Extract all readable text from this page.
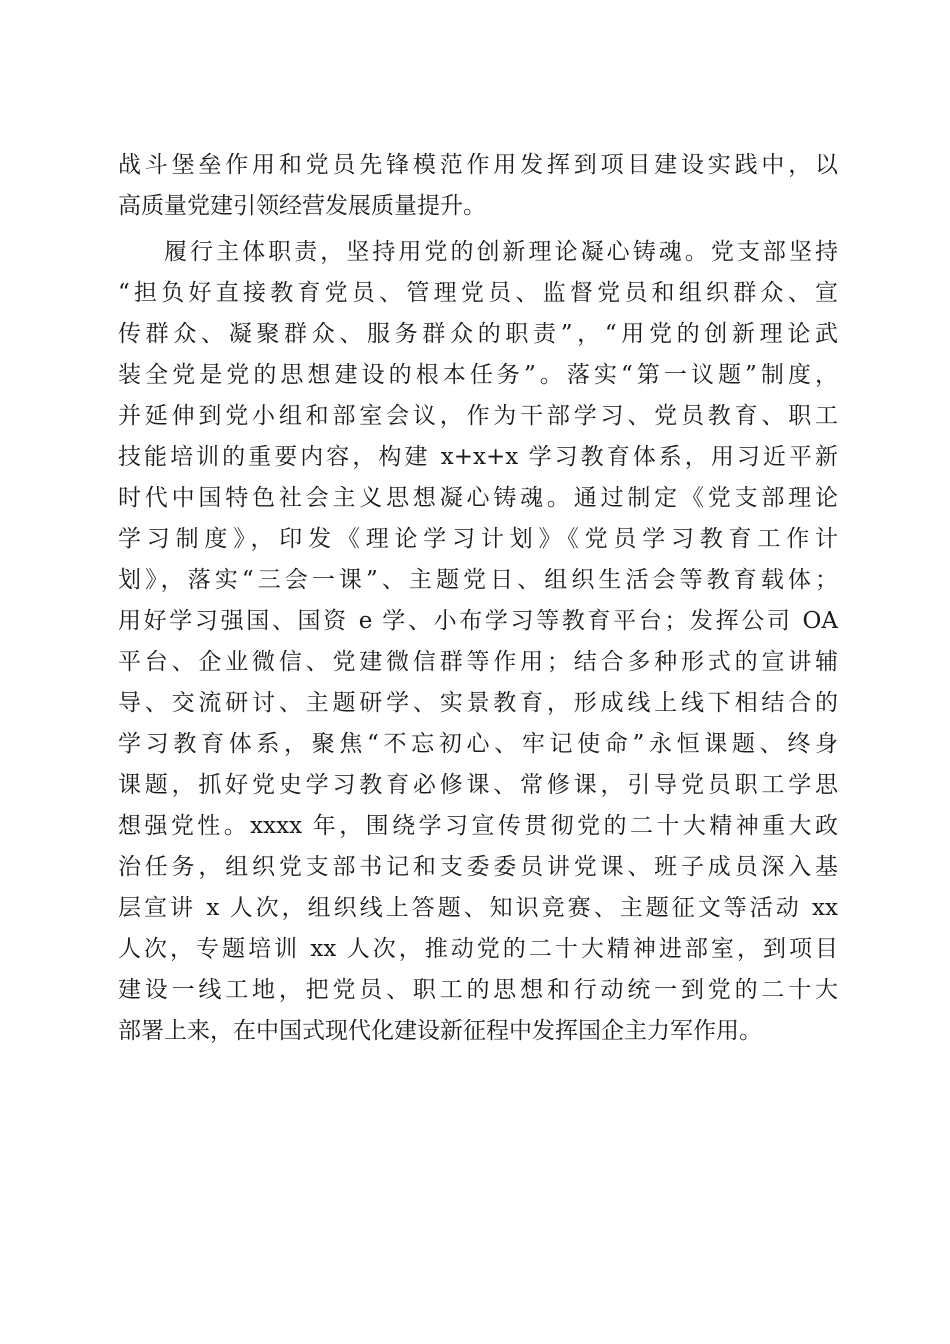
战斗堡垒作用和党员先锋模范作用发挥到项目建设实践中，以
高质量党建引领经营发展质量提升。
履行主体职责，坚持用党的创新理论凝心铸魂。党支部坚持
“担负好直接教育党员、管理党员、监督党员和组织群众、宣
传群众、凝聚群众、服务群众的职责”，“用党的创新理论武
装全党是党的思想建设的根本任务”。落实“第一议题”制度，
并延伸到党小组和部室会议，作为干部学习、党员教育、职工
技能培训的重要内容，构建 x+x+x 学习教育体系，用习近平新
时代中国特色社会主义思想凝心铸魂。通过制定《党支部理论
学习制度》，印发《理论学习计划》《党员学习教育工作计
划》，落实“三会一课”、主题党日、组织生活会等教育载体；
用好学习强国、国资 e 学、小布学习等教育平台；发挥公司 OA
平台、企业微信、党建微信群等作用；结合多种形式的宣讲辅
导、交流研讨、主题研学、实景教育，形成线上线下相结合的
学习教育体系，聚焦“不忘初心、牢记使命”永恒课题、终身
课题，抓好党史学习教育必修课、常修课，引导党员职工学思
想强党性。xxxx 年，围绕学习宣传贯彻党的二十大精神重大政
治任务，组织党支部书记和支委委员讲党课、班子成员深入基
层宣讲 x 人次，组织线上答题、知识竞赛、主题征文等活动 xx
人次，专题培训 xx 人次，推动党的二十大精神进部室，到项目
建设一线工地，把党员、职工的思想和行动统一到党的二十大
部署上来，在中国式现代化建设新征程中发挥国企主力军作用。
